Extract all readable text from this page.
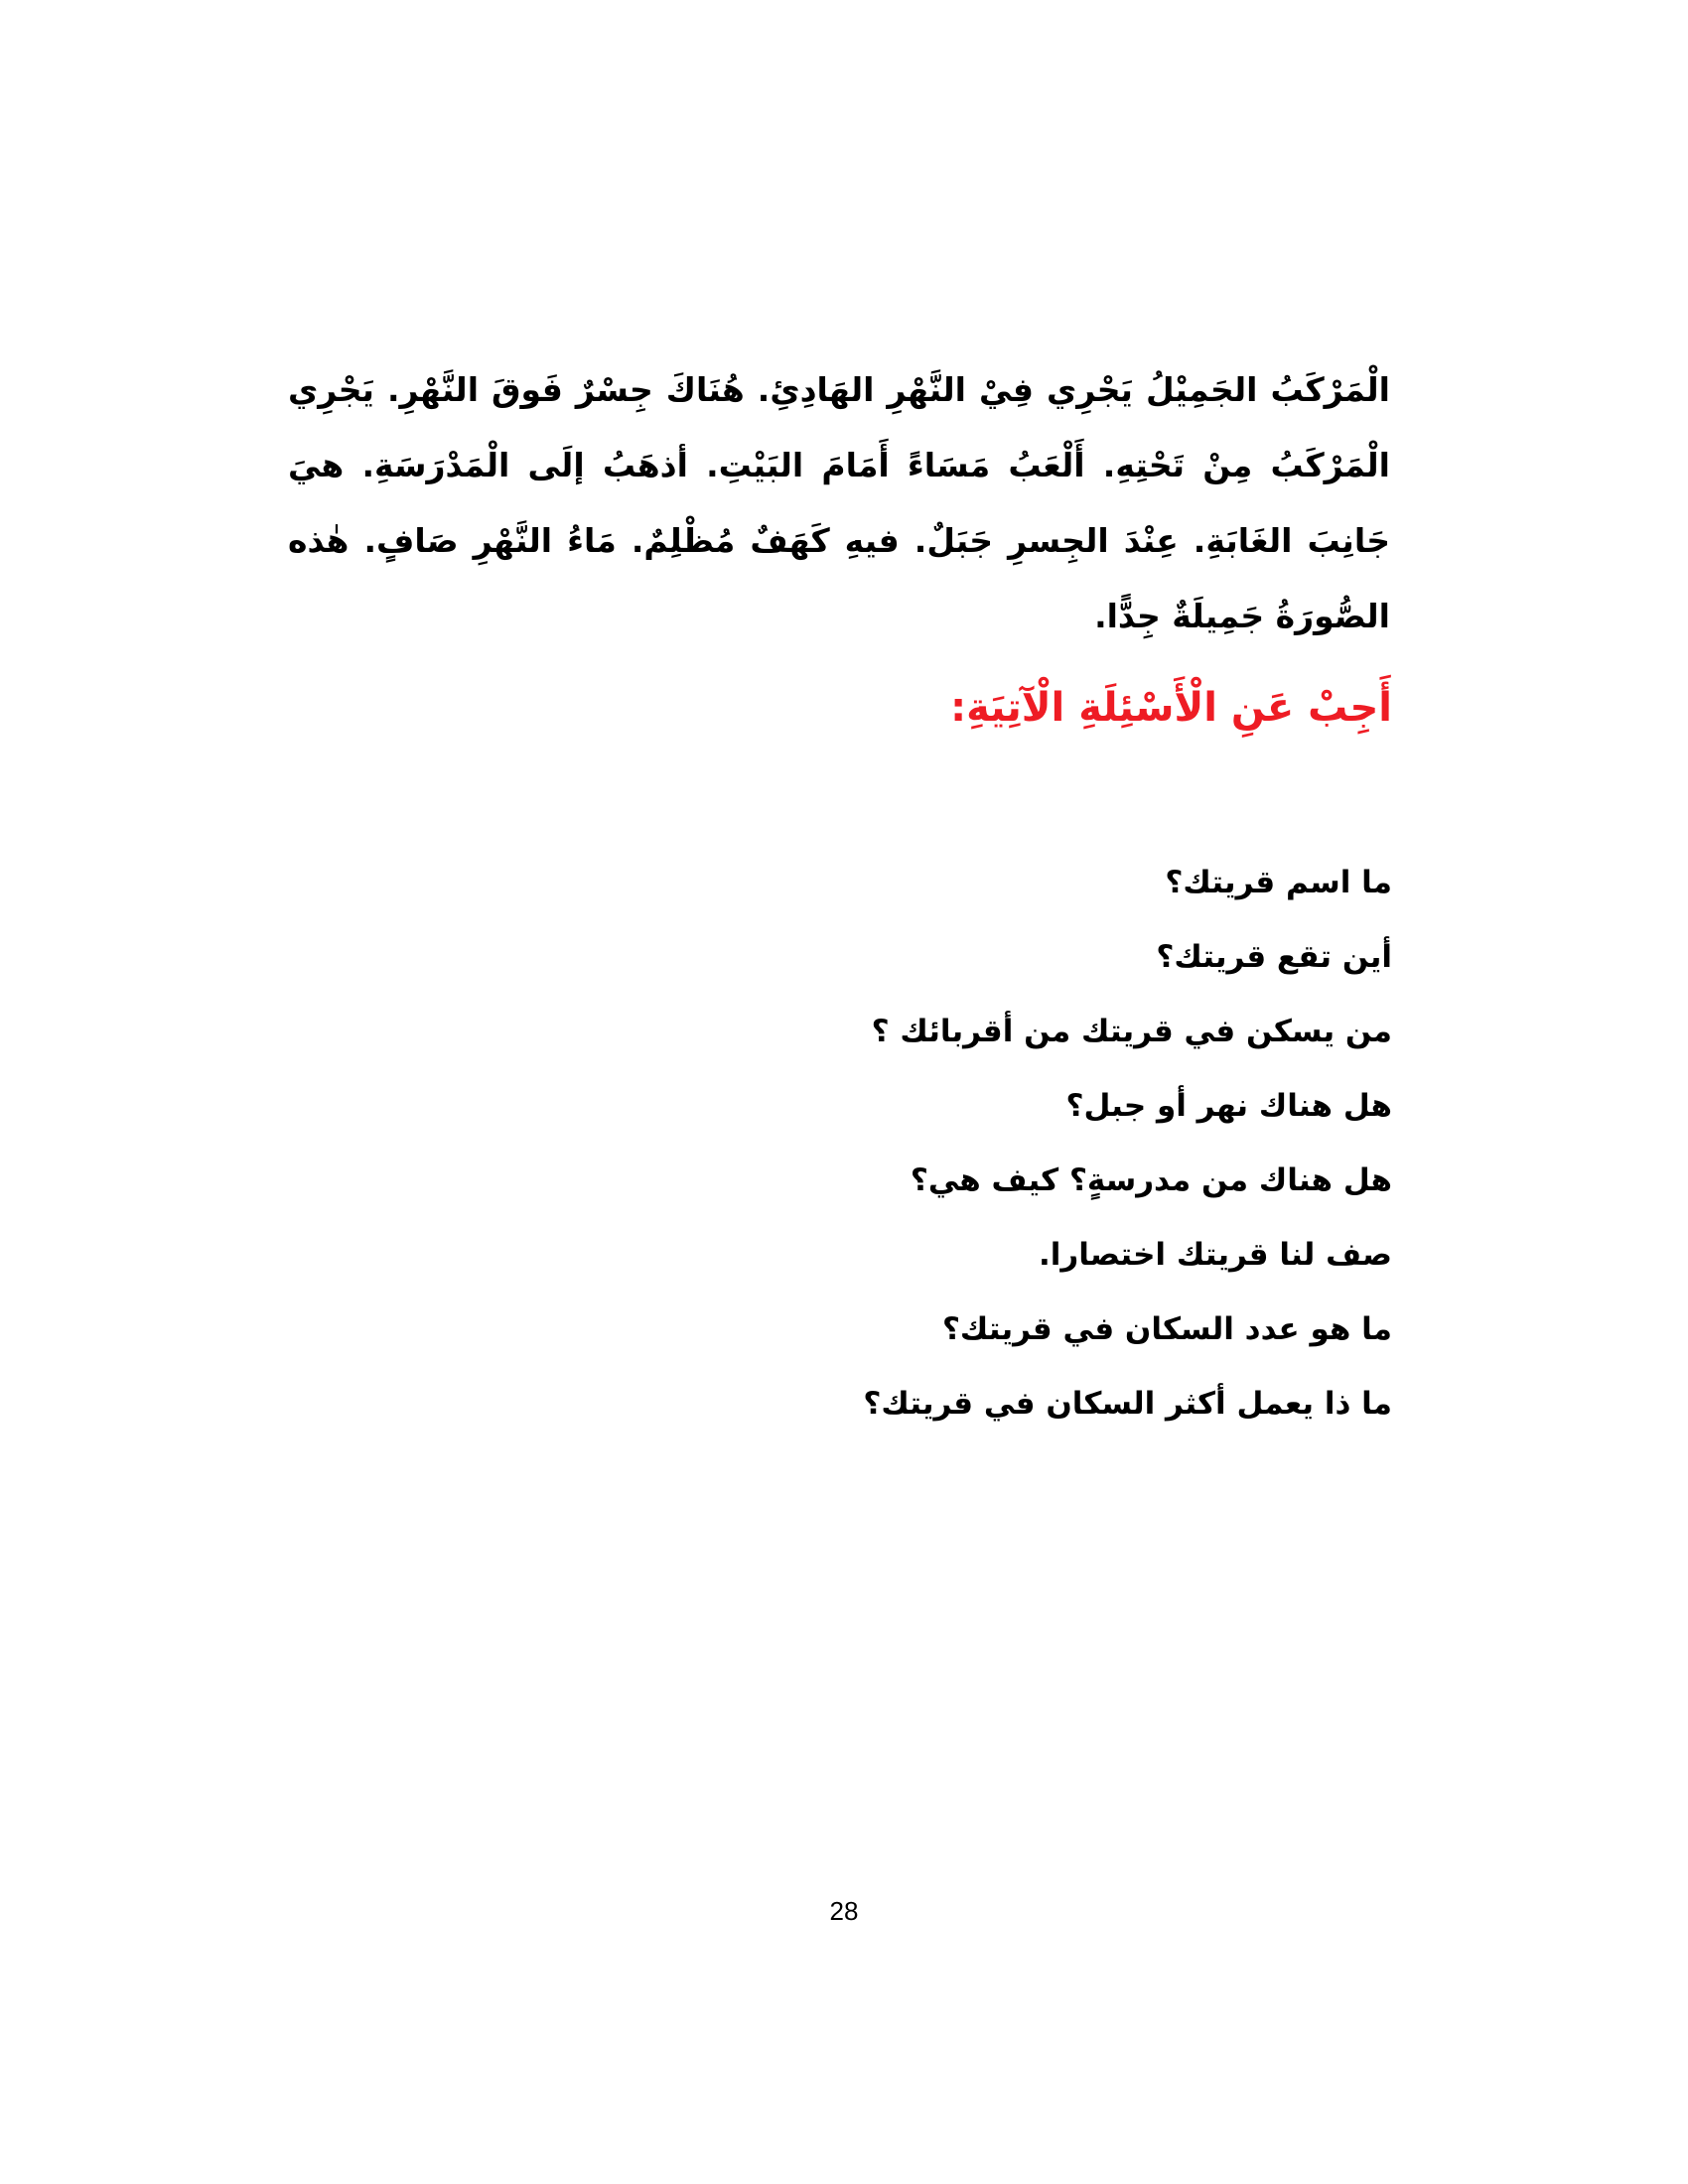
الْمَرْكَبُ الجَمِيْلُ يَجْرِي فِيْ النَّهْرِ الهَادِئِ. هُنَاكَ جِسْرٌ فَوقَ النَّهْرِ. يَجْرِي الْمَرْكَبُ مِنْ تَحْتِهِ. أَلْعَبُ مَسَاءً أَمَامَ البَيْتِ. أذهَبُ إلَى الْمَدْرَسَةِ. هيَ جَانِبَ الغَابَةِ. عِنْدَ الجِسرِ جَبَلٌ. فيهِ كَهَفٌ مُظْلِمٌ. مَاءُ النَّهْرِ صَافٍ. هٰذه الصُّورَةُ جَمِيلَةٌ جِدًّا.

أَجِبْ عَنِ الْأَسْئِلَةِ الْآتِيَةِ:
ما اسم قريتك؟
أين تقع قريتك؟
من يسكن في قريتك من أقربائك ؟
هل هناك نهر أو جبل؟
هل هناك من مدرسةٍ؟ كيف هي؟
صف لنا قريتك اختصارا.
ما هو عدد السكان في قريتك؟
ما ذا يعمل أكثر السكان في قريتك؟
28
